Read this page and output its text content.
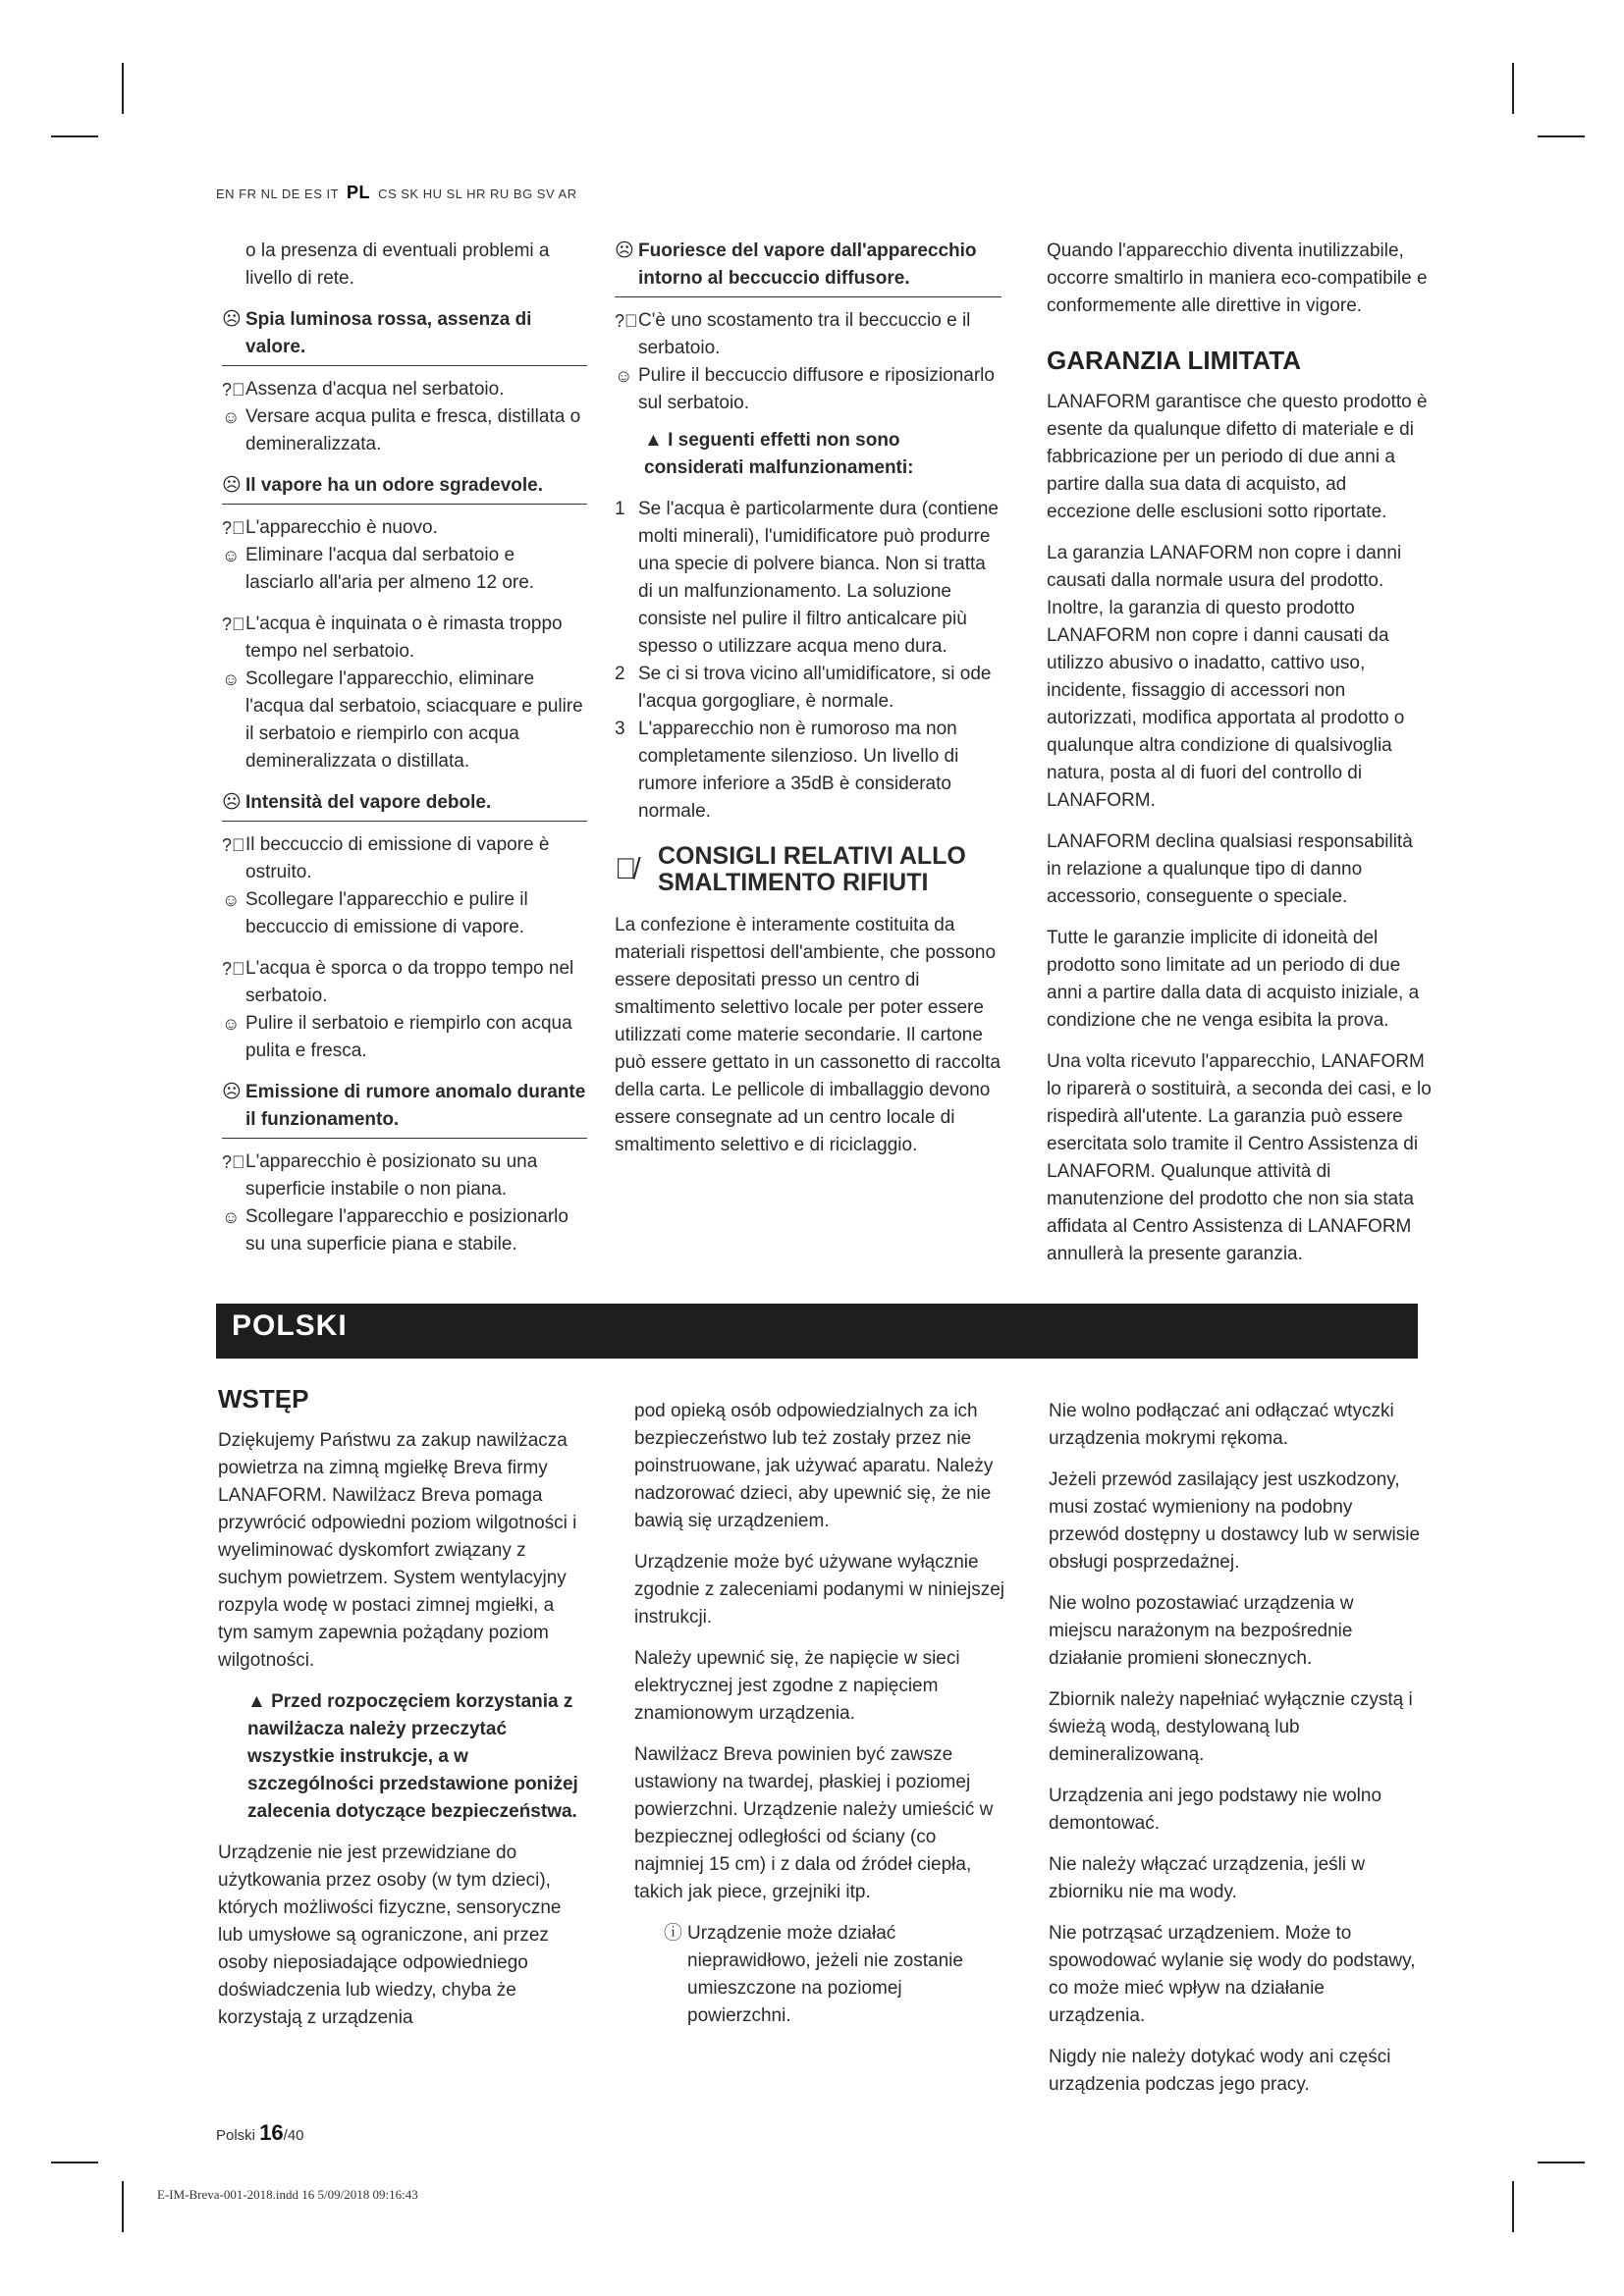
EN FR NL DE ES IT PL CS SK HU SL HR RU BG SV AR
o la presenza di eventuali problemi a livello di rete.
☹ Spia luminosa rossa, assenza di valore.
?⃝ Assenza d'acqua nel serbatoio.
☺ Versare acqua pulita e fresca, distillata o demineralizzata.
☹ Il vapore ha un odore sgradevole.
?⃝ L'apparecchio è nuovo.
☺ Eliminare l'acqua dal serbatoio e lasciarlo all'aria per almeno 12 ore.
?⃝ L'acqua è inquinata o è rimasta troppo tempo nel serbatoio.
☺ Scollegare l'apparecchio, eliminare l'acqua dal serbatoio, sciacquare e pulire il serbatoio e riempirlo con acqua demineralizzata o distillata.
☹ Intensità del vapore debole.
?⃝ Il beccuccio di emissione di vapore è ostruito.
☺ Scollegare l'apparecchio e pulire il beccuccio di emissione di vapore.
?⃝ L'acqua è sporca o da troppo tempo nel serbatoio.
☺ Pulire il serbatoio e riempirlo con acqua pulita e fresca.
☹ Emissione di rumore anomalo durante il funzionamento.
?⃝ L'apparecchio è posizionato su una superficie instabile o non piana.
☺ Scollegare l'apparecchio e posizionarlo su una superficie piana e stabile.
☹ Fuoriesce del vapore dall'apparecchio intorno al beccuccio diffusore.
?⃝ C'è uno scostamento tra il beccuccio e il serbatoio.
☺ Pulire il beccuccio diffusore e riposizionarlo sul serbatoio.
▲ I seguenti effetti non sono considerati malfunzionamenti:
1 Se l'acqua è particolarmente dura (contiene molti minerali), l'umidificatore può produrre una specie di polvere bianca. Non si tratta di un malfunzionamento. La soluzione consiste nel pulire il filtro anticalcare più spesso o utilizzare acqua meno dura.
2 Se ci si trova vicino all'umidificatore, si ode l'acqua gorgogliare, è normale.
3 L'apparecchio non è rumoroso ma non completamente silenzioso. Un livello di rumore inferiore a 35dB è considerato normale.
🗑̸ CONSIGLI RELATIVI ALLO SMALTIMENTO RIFIUTI

La confezione è interamente costituita da materiali rispettosi dell'ambiente, che possono essere depositati presso un centro di smaltimento selettivo locale per poter essere utilizzati come materie secondarie. Il cartone può essere gettato in un cassonetto di raccolta della carta. Le pellicole di imballaggio devono essere consegnate ad un centro locale di smaltimento selettivo e di riciclaggio.

Quando l'apparecchio diventa inutilizzabile, occorre smaltirlo in maniera eco-compatibile e conformemente alle direttive in vigore.

GARANZIA LIMITATA

LANAFORM garantisce che questo prodotto è esente da qualunque difetto di materiale e di fabbricazione per un periodo di due anni a partire dalla sua data di acquisto, ad eccezione delle esclusioni sotto riportate.

La garanzia LANAFORM non copre i danni causati dalla normale usura del prodotto. Inoltre, la garanzia di questo prodotto LANAFORM non copre i danni causati da utilizzo abusivo o inadatto, cattivo uso, incidente, fissaggio di accessori non autorizzati, modifica apportata al prodotto o qualunque altra condizione di qualsivoglia natura, posta al di fuori del controllo di LANAFORM.

LANAFORM declina qualsiasi responsabilità in relazione a qualunque tipo di danno accessorio, conseguente o speciale.

Tutte le garanzie implicite di idoneità del prodotto sono limitate ad un periodo di due anni a partire dalla data di acquisto iniziale, a condizione che ne venga esibita la prova.

Una volta ricevuto l'apparecchio, LANAFORM lo riparerà o sostituirà, a seconda dei casi, e lo rispedirà all'utente. La garanzia può essere esercitata solo tramite il Centro Assistenza di LANAFORM. Qualunque attività di manutenzione del prodotto che non sia stata affidata al Centro Assistenza di LANAFORM annullerà la presente garanzia.

POLSKI
WSTĘP

Dziękujemy Państwu za zakup nawilżacza powietrza na zimną mgiełkę Breva firmy LANAFORM. Nawilżacz Breva pomaga przywrócić odpowiedni poziom wilgotności i wyeliminować dyskomfort związany z suchym powietrzem. System wentylacyjny rozpyla wodę w postaci zimnej mgiełki, a tym samym zapewnia pożądany poziom wilgotności.

▲ Przed rozpoczęciem korzystania z nawilżacza należy przeczytać wszystkie instrukcje, a w szczególności przedstawione poniżej zalecenia dotyczące bezpieczeństwa.

Urządzenie nie jest przewidziane do użytkowania przez osoby (w tym dzieci), których możliwości fizyczne, sensoryczne lub umysłowe są ograniczone, ani przez osoby nieposiadające odpowiedniego doświadczenia lub wiedzy, chyba że korzystają z urządzenia

pod opieką osób odpowiedzialnych za ich bezpieczeństwo lub też zostały przez nie poinstruowane, jak używać aparatu. Należy nadzorować dzieci, aby upewnić się, że nie bawią się urządzeniem.

Urządzenie może być używane wyłącznie zgodnie z zaleceniami podanymi w niniejszej instrukcji.

Należy upewnić się, że napięcie w sieci elektrycznej jest zgodne z napięciem znamionowym urządzenia.

Nawilżacz Breva powinien być zawsze ustawiony na twardej, płaskiej i poziomej powierzchni. Urządzenie należy umieścić w bezpiecznej odległości od ściany (co najmniej 15 cm) i z dala od źródeł ciepła, takich jak piece, grzejniki itp.

ⓘ Urządzenie może działać nieprawidłowo, jeżeli nie zostanie umieszczone na poziomej powierzchni.

Nie wolno podłączać ani odłączać wtyczki urządzenia mokrymi rękoma.

Jeżeli przewód zasilający jest uszkodzony, musi zostać wymieniony na podobny przewód dostępny u dostawcy lub w serwisie obsługi posprzedażnej.

Nie wolno pozostawiać urządzenia w miejscu narażonym na bezpośrednie działanie promieni słonecznych.

Zbiornik należy napełniać wyłącznie czystą i świeżą wodą, destylowaną lub demineralizowaną.

Urządzenia ani jego podstawy nie wolno demontować.

Nie należy włączać urządzenia, jeśli w zbiorniku nie ma wody.

Nie potrząsać urządzeniem. Może to spowodować wylanie się wody do podstawy, co może mieć wpływ na działanie urządzenia.

Nigdy nie należy dotykać wody ani części urządzenia podczas jego pracy.

Polski 16/40
E-IM-Breva-001-2018.indd 16 5/09/2018 09:16:43
